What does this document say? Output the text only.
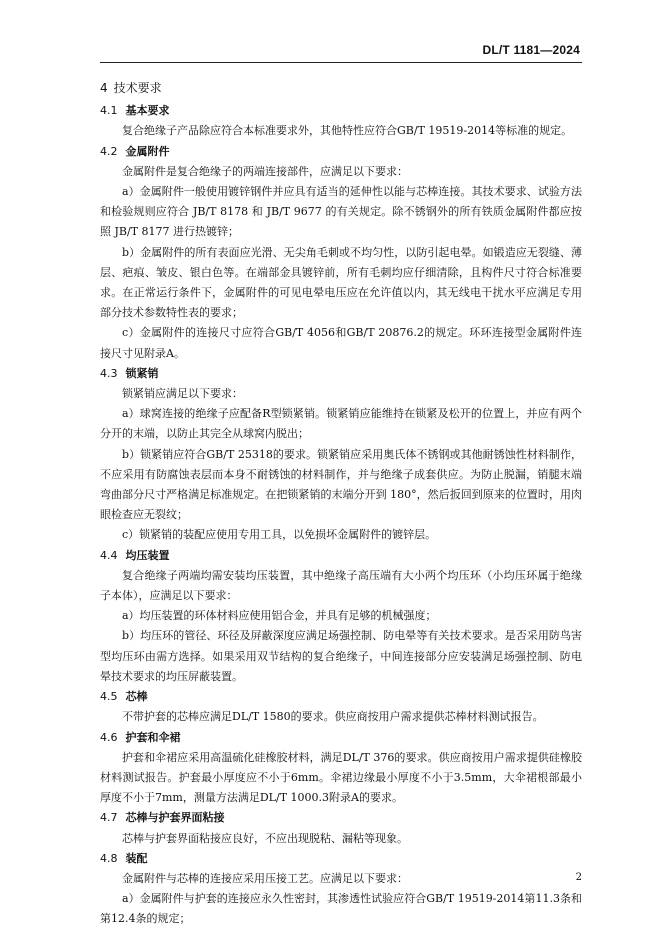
DL/T 1181—2024
4 技术要求
4.1 基本要求
复合绝缘子产品除应符合本标准要求外，其他特性应符合GB/T 19519-2014等标准的规定。
4.2 金属附件
金属附件是复合绝缘子的两端连接部件，应满足以下要求：
a）金属附件一般使用镀锌钢件并应具有适当的延伸性以能与芯棒连接。其技术要求、试验方法和检验规则应符合 JB/T 8178 和 JB/T 9677 的有关规定。除不锈钢外的所有铁质金属附件都应按照 JB/T 8177 进行热镀锌；
b）金属附件的所有表面应光滑、无尖角毛刺或不均匀性，以防引起电晕。如锻造应无裂缝、薄层、疤痕、皱皮、银白色等。在端部金具镀锌前，所有毛刺均应仔细清除，且构件尺寸符合标准要求。在正常运行条件下，金属附件的可见电晕电压应在允许值以内，其无线电干扰水平应满足专用部分技术参数特性表的要求；
c）金属附件的连接尺寸应符合GB/T 4056和GB/T 20876.2的规定。环环连接型金属附件连接尺寸见附录A。
4.3 锁紧销
锁紧销应满足以下要求：
a）球窝连接的绝缘子应配备R型锁紧销。锁紧销应能维持在锁紧及松开的位置上，并应有两个分开的末端，以防止其完全从球窝内脱出；
b）锁紧销应符合GB/T 25318的要求。锁紧销应采用奥氏体不锈钢或其他耐锈蚀性材料制作，不应采用有防腐蚀表层而本身不耐锈蚀的材料制作，并与绝缘子成套供应。为防止脱漏，销腿末端弯曲部分尺寸严格满足标准规定。在把锁紧销的末端分开到 180°，然后扳回到原来的位置时，用肉眼检查应无裂纹；
c）锁紧销的装配应使用专用工具，以免损坏金属附件的镀锌层。
4.4 均压装置
复合绝缘子两端均需安装均压装置，其中绝缘子高压端有大小两个均压环（小均压环属于绝缘子本体），应满足以下要求：
a）均压装置的环体材料应使用铝合金，并具有足够的机械强度；
b）均压环的管径、环径及屏蔽深度应满足场强控制、防电晕等有关技术要求。是否采用防鸟害型均压环由需方选择。如果采用双节结构的复合绝缘子，中间连接部分应安装满足场强控制、防电晕技术要求的均压屏蔽装置。
4.5 芯棒
不带护套的芯棒应满足DL/T 1580的要求。供应商按用户需求提供芯棒材料测试报告。
4.6 护套和伞裙
护套和伞裙应采用高温硫化硅橡胶材料，满足DL/T 376的要求。供应商按用户需求提供硅橡胶材料测试报告。护套最小厚度应不小于6mm。伞裙边缘最小厚度不小于3.5mm，大伞裙根部最小厚度不小于7mm，测量方法满足DL/T 1000.3附录A的要求。
4.7 芯棒与护套界面粘接
芯棒与护套界面粘接应良好，不应出现脱粘、漏粘等现象。
4.8 装配
金属附件与芯棒的连接应采用压接工艺。应满足以下要求：
a）金属附件与护套的连接应永久性密封，其渗透性试验应符合GB/T 19519-2014第11.3条和第12.4条的规定；
2
